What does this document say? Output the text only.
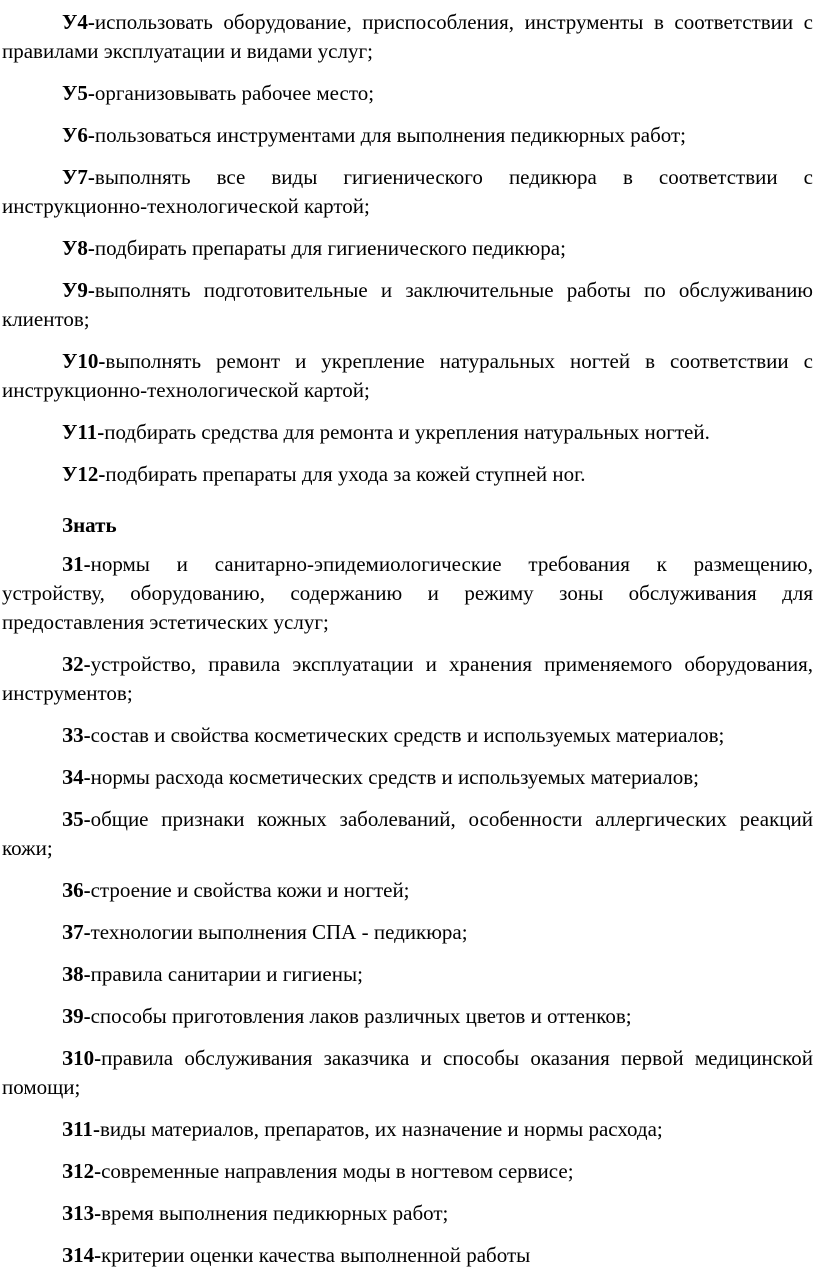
У4-использовать оборудование, приспособления, инструменты в соответствии с правилами эксплуатации и видами услуг;

У5-организовывать рабочее место;

У6-пользоваться инструментами для выполнения педикюрных работ;

У7-выполнять все виды гигиенического педикюра в соответствии с инструкционно-технологической картой;

У8-подбирать препараты для гигиенического педикюра;

У9-выполнять подготовительные и заключительные работы по обслуживанию клиентов;

У10-выполнять ремонт и укрепление натуральных ногтей в соответствии с инструкционно-технологической картой;

У11-подбирать средства для ремонта и укрепления натуральных ногтей.

У12-подбирать препараты для ухода за кожей ступней ног.

Знать

З1-нормы и санитарно-эпидемиологические требования к размещению, устройству, оборудованию, содержанию и режиму зоны обслуживания для предоставления эстетических услуг;

З2-устройство, правила эксплуатации и хранения применяемого оборудования, инструментов;

З3-состав и свойства косметических средств и используемых материалов;

З4-нормы расхода косметических средств и используемых материалов;

З5-общие признаки кожных заболеваний, особенности аллергических реакций кожи;

З6-строение и свойства кожи и ногтей;

З7-технологии выполнения СПА - педикюра;

З8-правила санитарии и гигиены;

З9-способы приготовления лаков различных цветов и оттенков;

З10-правила обслуживания заказчика и способы оказания первой медицинской помощи;

З11-виды материалов, препаратов, их назначение и нормы расхода;

З12-современные направления моды в ногтевом сервисе;

З13-время выполнения педикюрных работ;

З14-критерии оценки качества выполненной работы
